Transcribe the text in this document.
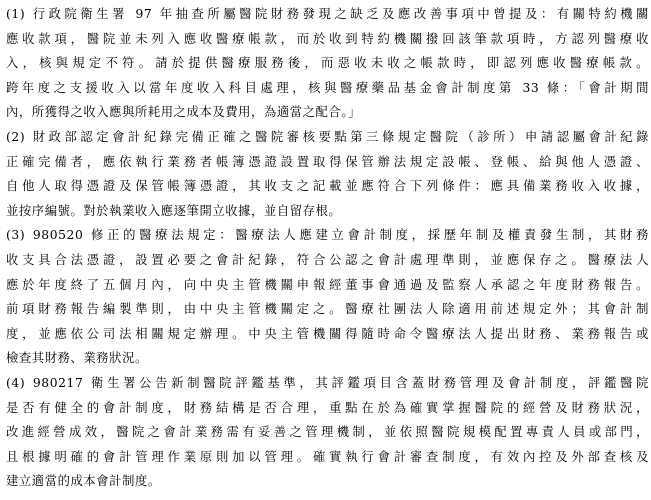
(1) 行政院衛生署 97 年抽查所屬醫院財務發現之缺乏及應改善事項中曾提及：有關特約機關
應收款項，醫院並未列入應收醫療帳款，而於收到特約機關撥回該筆款項時，方認列醫療收
入，核與規定不符。請於提供醫療服務後，而惡收未收之帳款時，即認列應收醫療帳款。
跨年度之支援收入以當年度收入科目處理，核與醫療藥品基金會計制度第 33 條：「會計期間
內，所獲得之收入應與所耗用之成本及費用，為適當之配合。」
(2) 財政部認定會計紀錄完備正確之醫院審核要點第三條規定醫院（診所）申請認屬會計紀錄
正確完備者，應依執行業務者帳簿憑證設置取得保管辦法規定設帳、登帳、給與他人憑證、
自他人取得憑證及保管帳簿憑證，其收支之記載並應符合下列條件：應具備業務收入收據，
並按序編號。對於執業收入應逐筆開立收據，並自留存根。
(3) 980520 修正的醫療法規定：醫療法人應建立會計制度，採歷年制及權責發生制，其財務
收支具合法憑證，設置必要之會計紀錄，符合公認之會計處理準則，並應保存之。醫療法人
應於年度終了五個月內，向中央主管機關申報經董事會通過及監察人承認之年度財務報告。
前項財務報告編製準則，由中央主管機關定之。醫療社團法人除適用前述規定外；其會計制
度，並應依公司法相關規定辦理。中央主管機關得隨時命令醫療法人提出財務、業務報告或
檢查其財務、業務狀況。
(4) 980217 衛生署公告新制醫院評鑑基準，其評鑑項目含蓋財務管理及會計制度，評鑑醫院
是否有健全的會計制度，財務結構是否合理，重點在於為確實掌握醫院的經營及財務狀況，
改進經營成效，醫院之會計業務需有妥善之管理機制，並依照醫院規模配置專責人員或部門，
且根據明確的會計管理作業原則加以管理。確實執行會計審查制度，有效內控及外部查核及
建立適當的成本會計制度。
